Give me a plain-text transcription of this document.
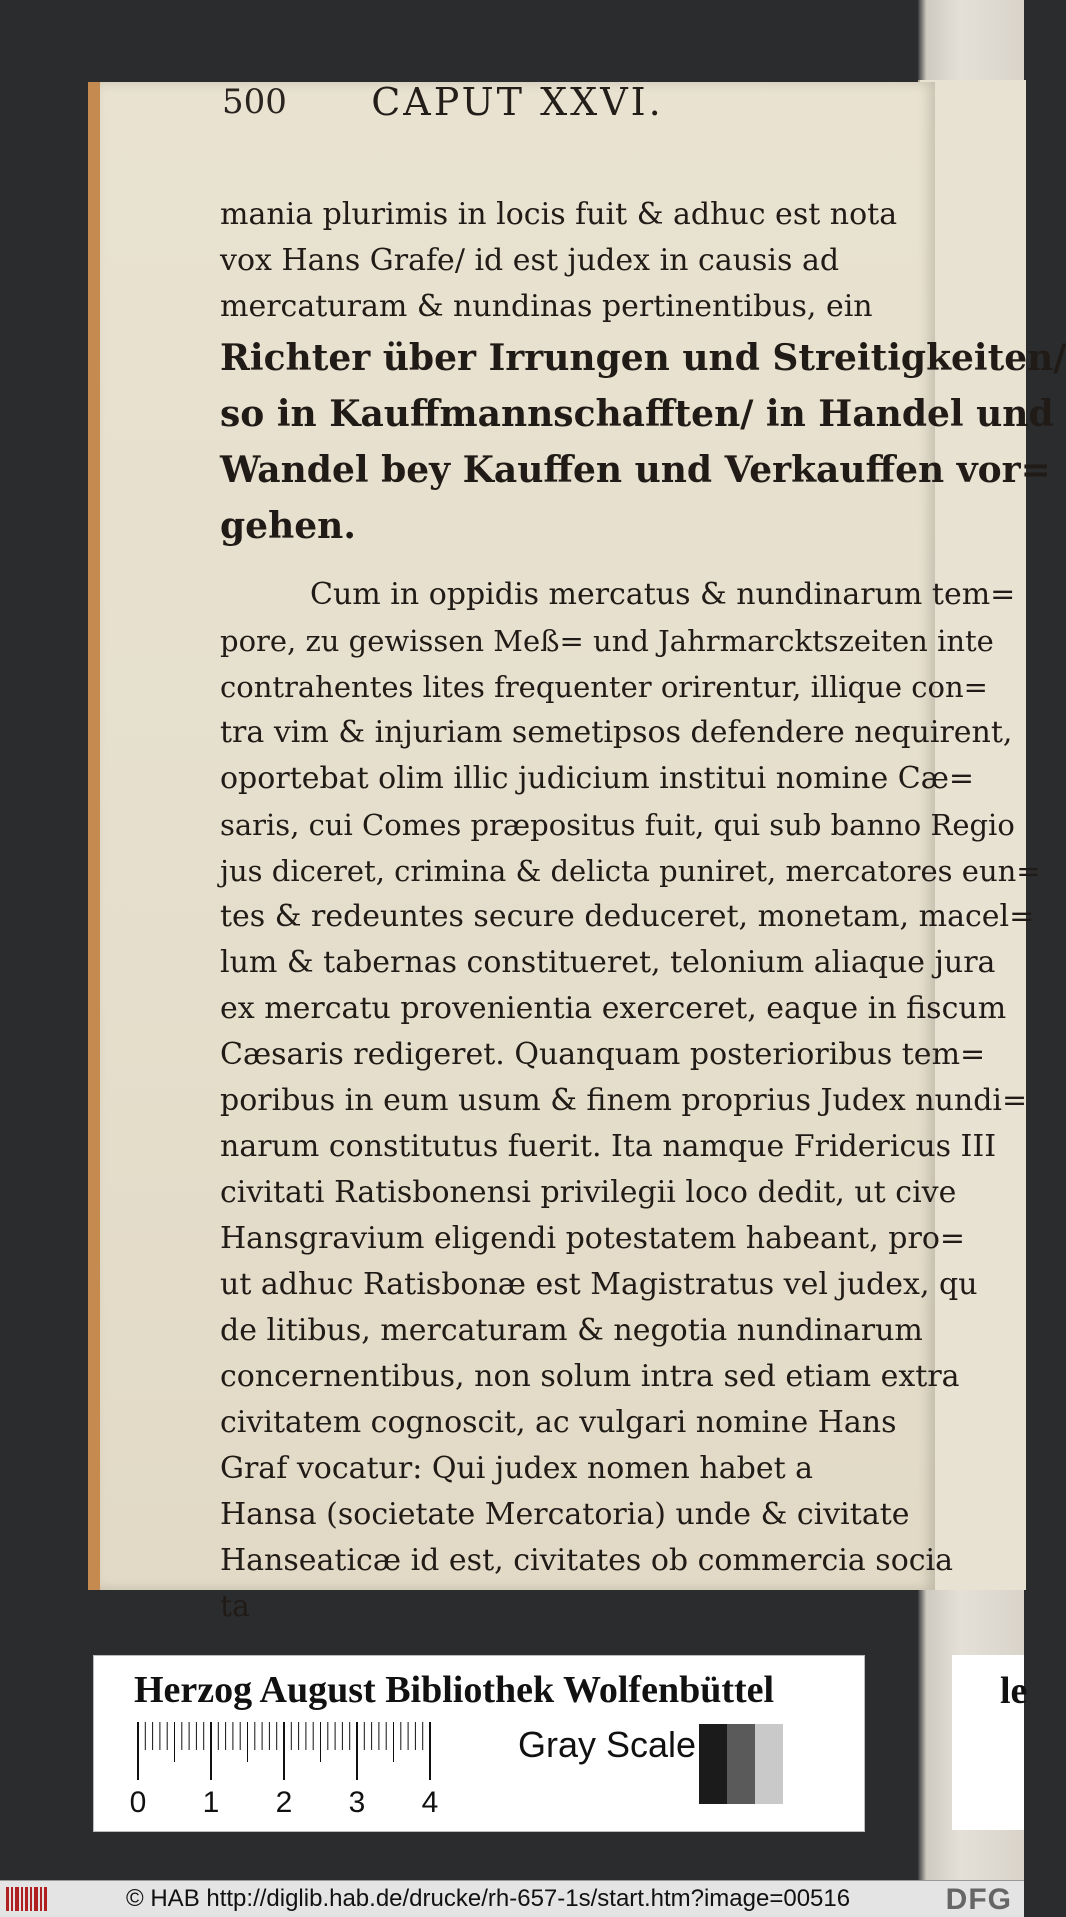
500	CAPUT XXVI.
mania plurimis in locis fuit & adhuc est nota
vox Hans Grafe/ id est judex in causis ad
mercaturam & nundinas pertinentibus, ein
Richter über Irrungen und Streitigkeiten/
so in Kauffmannschafften/ in Handel und
Wandel bey Kauffen und Verkauffen vor=
gehen.
Cum in oppidis mercatus & nundinarum tem=
pore, zu gewissen Meß= und Jahrmarcktszeiten inte
contrahentes lites frequenter orirentur, illique con=
tra vim & injuriam semetipsos defendere nequirent,
oportebat olim illic judicium institui nomine Cæ=
saris, cui Comes præpositus fuit, qui sub banno Regio
jus diceret, crimina & delicta puniret, mercatores eun=
tes & redeuntes secure deduceret, monetam, macel=
lum & tabernas constitueret, telonium aliaque jura
ex mercatu provenientia exerceret, eaque in fiscum
Cæsaris redigeret. Quanquam posterioribus tem=
poribus in eum usum & finem proprius Judex nundi=
narum constitutus fuerit. Ita namque Fridericus III
civitati Ratisbonensi privilegii loco dedit, ut cive
Hansgravium eligendi potestatem habeant, pro=
ut adhuc Ratisbonæ est Magistratus vel judex, qu
de litibus, mercaturam & negotia nundinarum
concernentibus, non solum intra sed etiam extra
civitatem cognoscit, ac vulgari nomine Hans
Graf vocatur: Qui judex nomen habet a
Hansa (societate Mercatoria) unde & civitate
Hanseaticæ id est, civitates ob commercia socia
ta
Herzog August Bibliothek Wolfenbüttel
0 1 2 3 4
Gray Scale
le
© HAB http://diglib.hab.de/drucke/rh-657-1s/start.htm?image=00516	DFG
